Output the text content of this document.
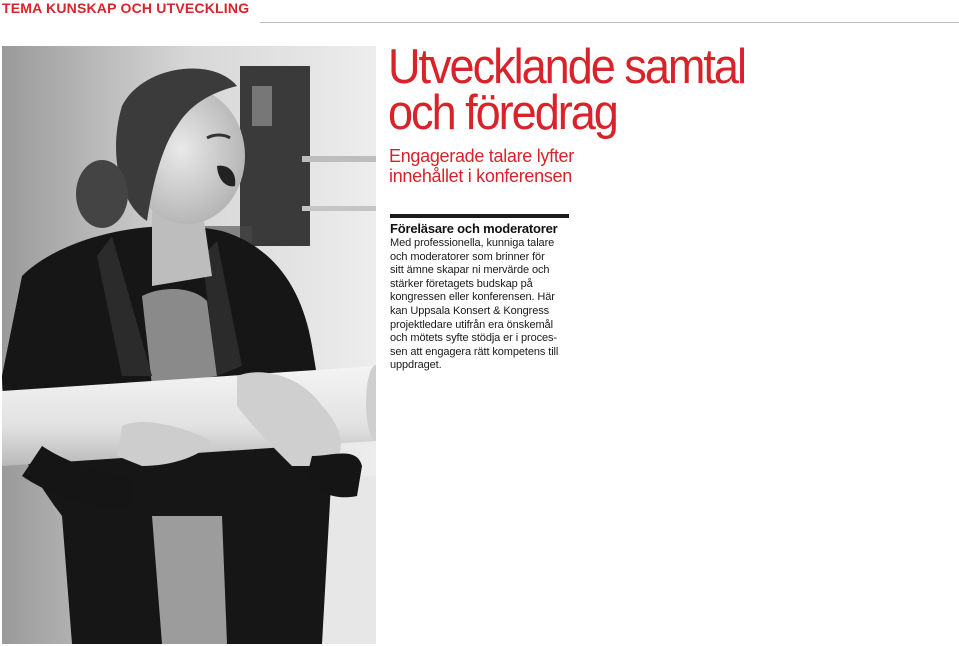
TEMA KUNSKAP OCH UTVECKLING
Utvecklande samtal
och föredrag
Engagerade talare lyfter
innehållet i konferensen
Föreläsare och moderatorer

Med professionella, kunniga talare
och moderatorer som brinner för
sitt ämne skapar ni mervärde och
stärker företagets budskap på
kongressen eller konferensen. Här
kan Uppsala Konsert & Kongress
projektledare utifrån era önskemål
och mötets syfte stödja er i proces-
sen att engagera rätt kompetens till
uppdraget.
